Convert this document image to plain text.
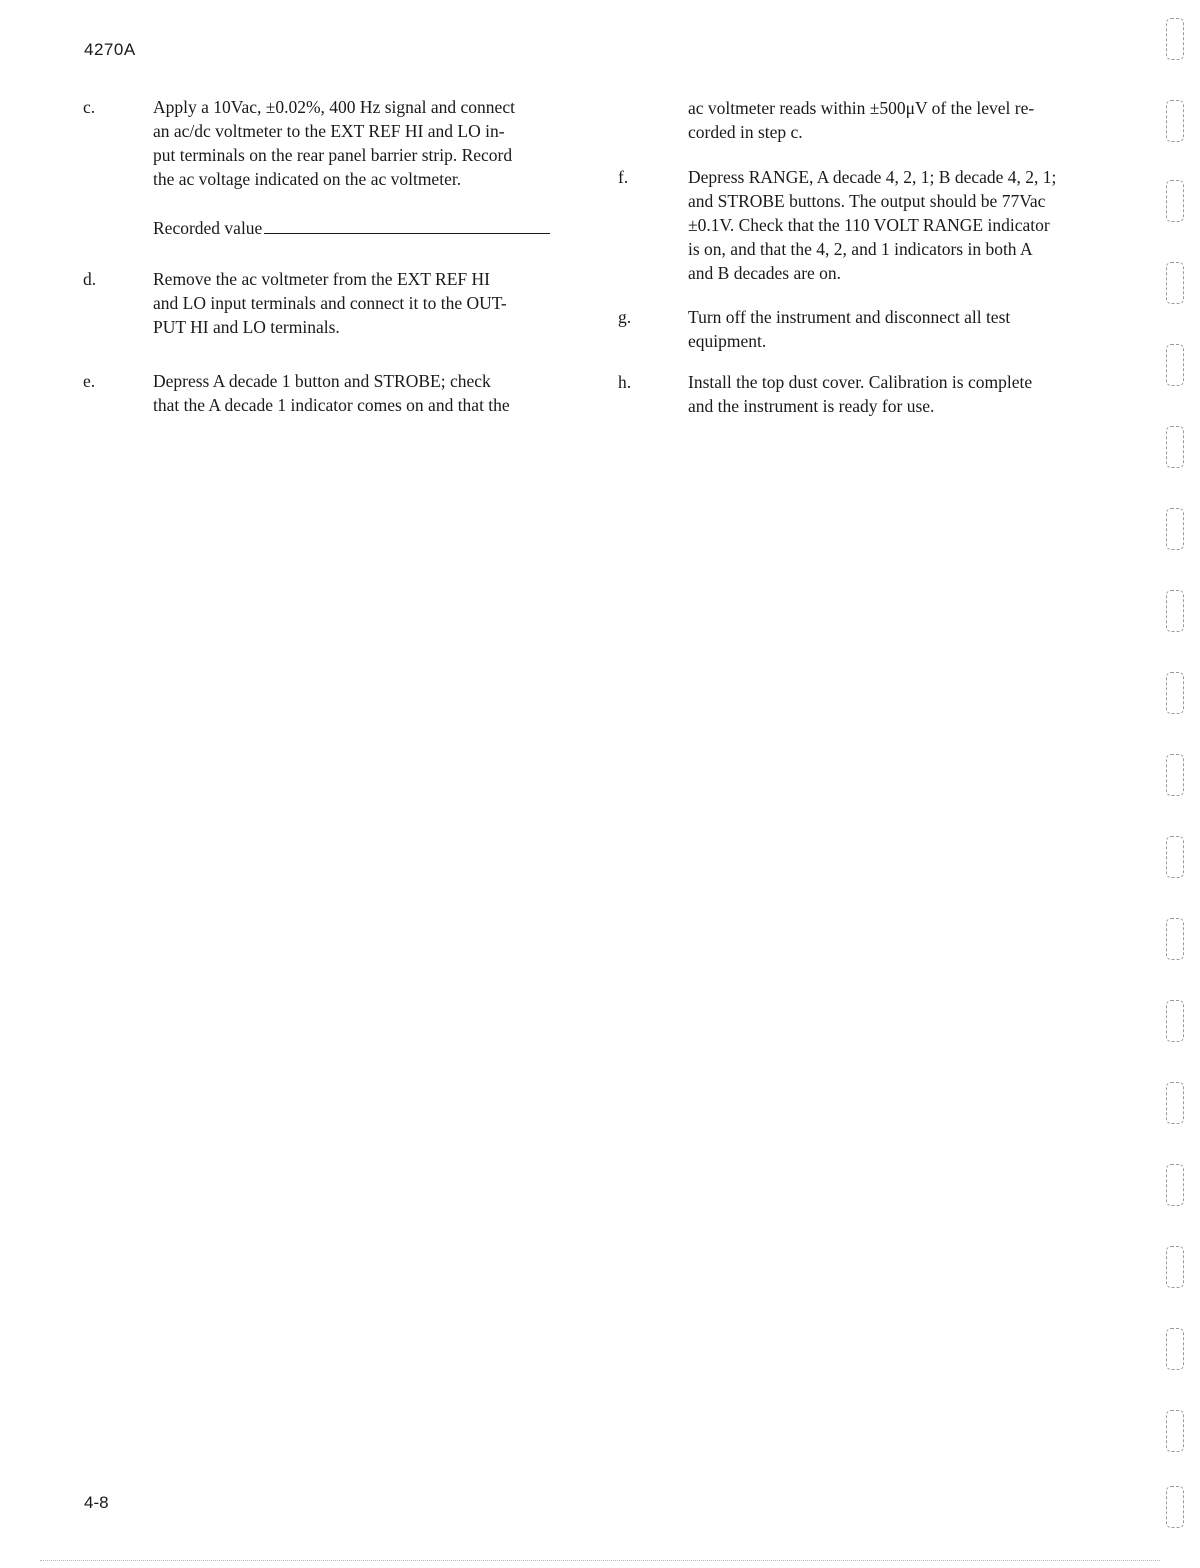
4270A
c.	Apply a 10Vac, ±0.02%, 400 Hz signal and connect
an ac/dc voltmeter to the EXT REF HI and LO in-
put terminals on the rear panel barrier strip. Record
the ac voltage indicated on the ac voltmeter.
Recorded value
d.	Remove the ac voltmeter from the EXT REF HI
and LO input terminals and connect it to the OUT-
PUT HI and LO terminals.
e.	Depress A decade 1 button and STROBE; check
that the A decade 1 indicator comes on and that the
ac voltmeter reads within ±500μV of the level re-
corded in step c.
f.	Depress RANGE, A decade 4, 2, 1; B decade 4, 2, 1;
and STROBE buttons. The output should be 77Vac
±0.1V. Check that the 110 VOLT RANGE indicator
is on, and that the 4, 2, and 1 indicators in both A
and B decades are on.
g.	Turn off the instrument and disconnect all test
equipment.
h.	Install the top dust cover. Calibration is complete
and the instrument is ready for use.
4-8
